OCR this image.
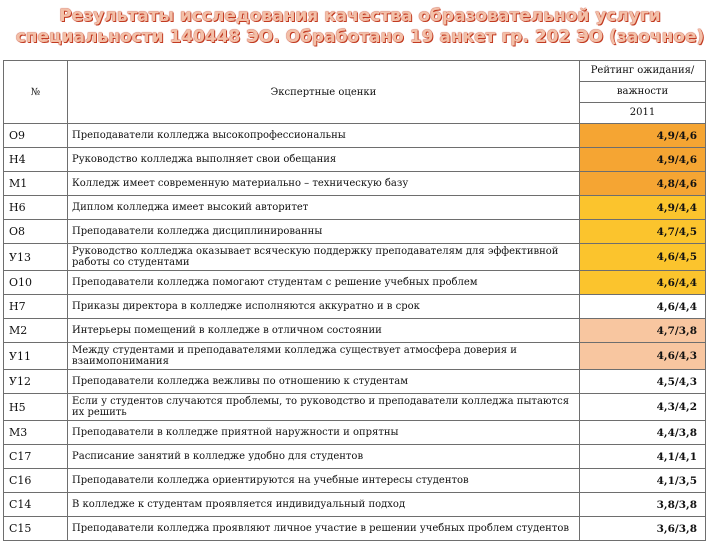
Результаты исследования качества образовательной услуги
специальности 140448 ЭО. Обработано 19 анкет гр. 202 ЭО (заочное)
№	Экспертные оценки	Рейтинг ожидания/
важности
2011

О9	Преподаватели колледжа высокопрофессиональны	4,9/4,6
Н4	Руководство колледжа выполняет свои обещания	4,9/4,6
М1	Колледж имеет современную материально – техническую базу	4,8/4,6
Н6	Диплом колледжа имеет высокий авторитет	4,9/4,4
О8	Преподаватели колледжа дисциплинированны	4,7/4,5
У13	Руководство колледжа оказывает всяческую поддержку преподавателям для эффективной работы со студентами	4,6/4,5
О10	Преподаватели колледжа помогают студентам с решение учебных проблем	4,6/4,4
Н7	Приказы директора в колледже исполняются аккуратно и в срок	4,6/4,4
М2	Интерьеры помещений в колледже в отличном состоянии	4,7/3,8
У11	Между студентами и преподавателями колледжа существует атмосфера доверия и взаимопонимания	4,6/4,3
У12	Преподаватели колледжа вежливы по отношению к студентам	4,5/4,3
Н5	Если у студентов случаются проблемы, то руководство и преподаватели колледжа пытаются их решить	4,3/4,2
М3	Преподаватели в колледже приятной наружности и опрятны	4,4/3,8
С17	Расписание занятий в колледже удобно для студентов	4,1/4,1
С16	Преподаватели колледжа ориентируются на учебные интересы студентов	4,1/3,5
С14	В колледже к студентам проявляется индивидуальный подход	3,8/3,8
С15	Преподаватели колледжа проявляют личное участие в решении учебных проблем студентов	3,6/3,8
